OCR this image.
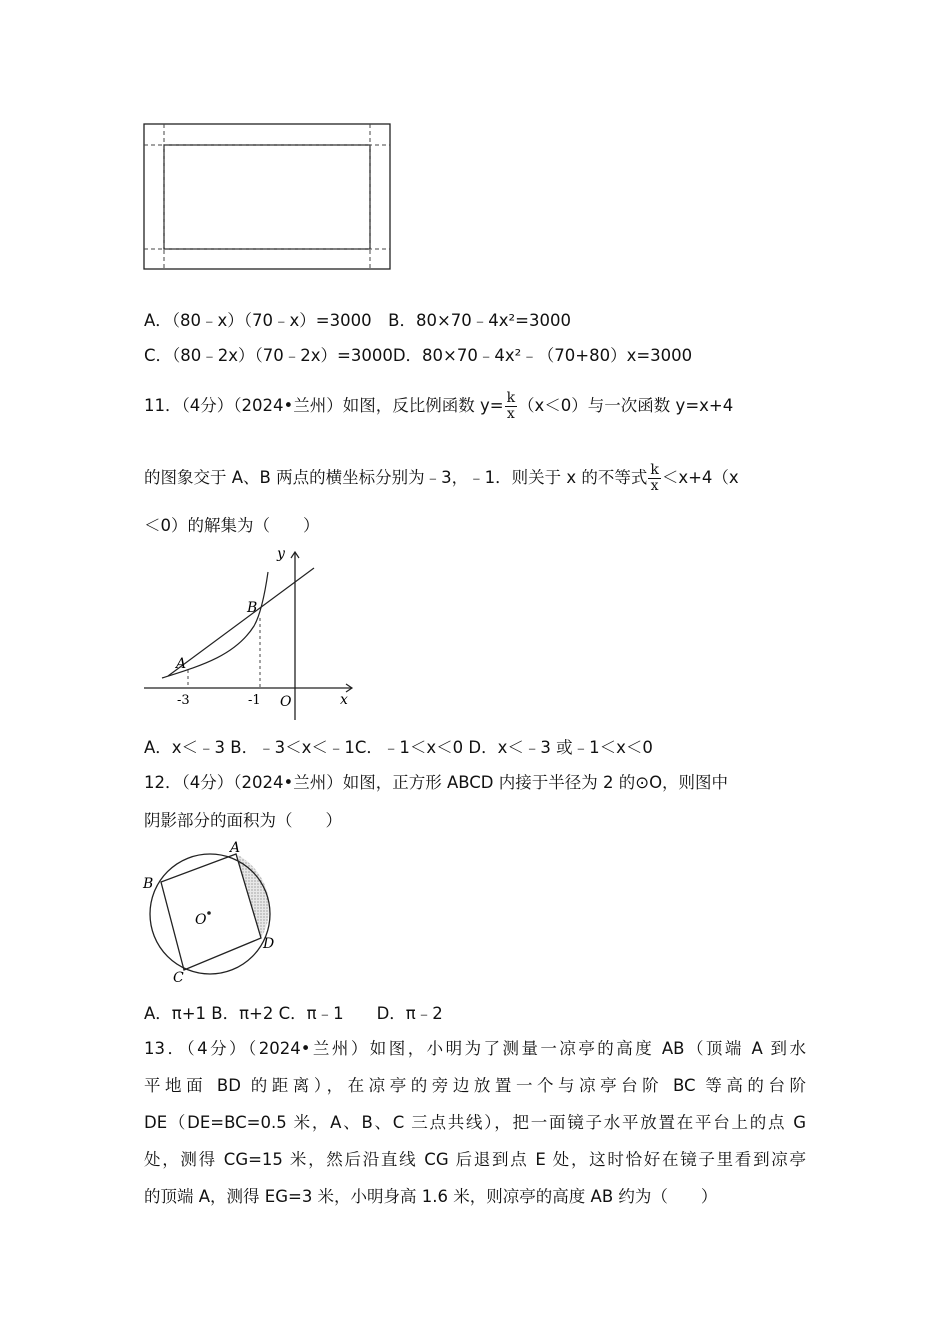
A．（80﹣x）（70﹣x）=3000　B．80×70﹣4x²=3000
C．（80﹣2x）（70﹣2x）=3000D．80×70﹣4x²﹣（70+80）x=3000
11．（4分）（2024•兰州）如图，反比例函数 $y= \frac{k}{x} (x<0)$与一次函数 y=x+4
的图象交于 A、B 两点的横坐标分别为﹣3，﹣1．则关于 x 的不等式 $\frac{k}{x} <x+4(x$
＜0）的解集为（　　）
y
x
A
B
O
-3	-1
A．x＜﹣3 B．﹣3＜x＜﹣1C．﹣1＜x＜0 D．x＜﹣3 或﹣1＜x＜0
12．（4分）（2024•兰州）如图，正方形 ABCD 内接于半径为 2 的⊙O，则图中
阴影部分的面积为（　　）
A
B
C
D
O
A．π+1 B．π+2 C．π﹣1　　D．π﹣2
13．（4分）（2024•兰州）如图，小明为了测量一凉亭的高度 AB（顶端 A 到水
平地面 BD 的距离），在凉亭的旁边放置一个与凉亭台阶 BC 等高的台阶
DE（DE=BC=0.5 米，A、B、C 三点共线），把一面镜子水平放置在平台上的点 G
处，测得 CG=15 米，然后沿直线 CG 后退到点 E 处，这时恰好在镜子里看到凉亭
的顶端 A，测得 EG=3 米，小明身高 1.6 米，则凉亭的高度 AB 约为（　　）
